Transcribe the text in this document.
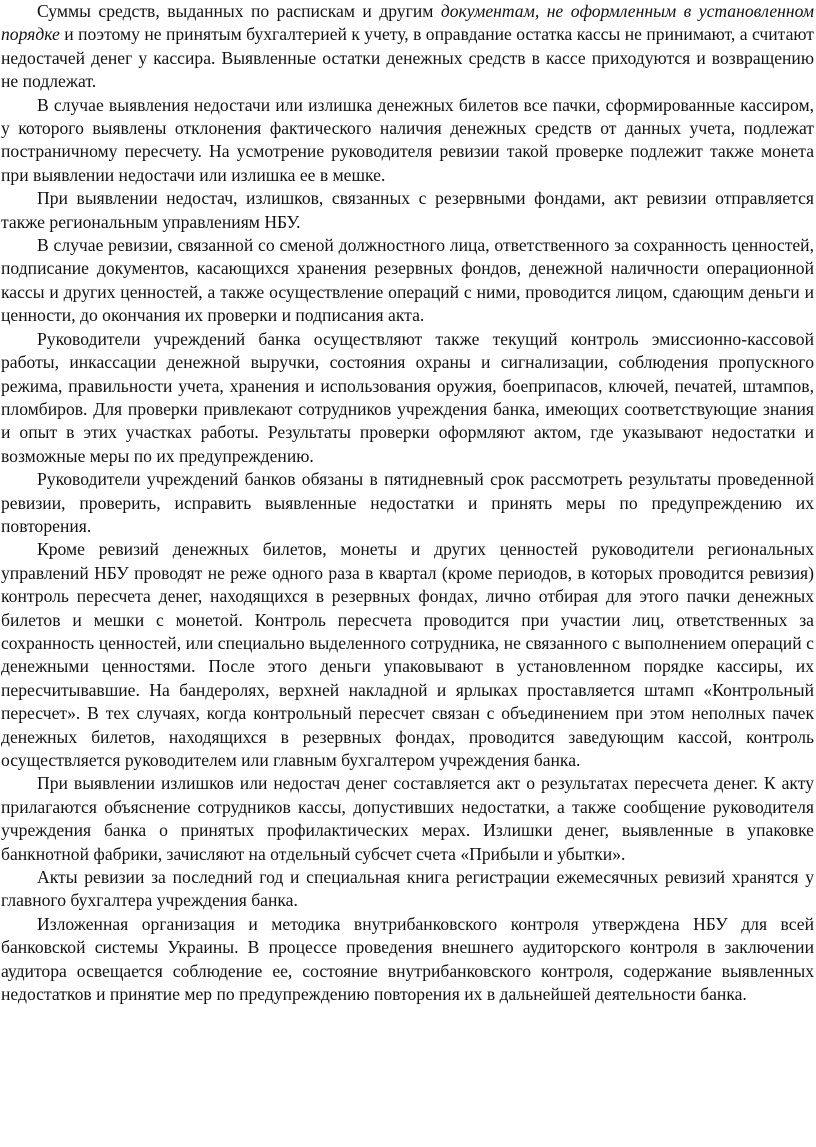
Суммы средств, выданных по распискам и другим документам, не оформленным в установленном порядке и поэтому не принятым бухгалтерией к учету, в оправдание остатка кассы не принимают, а считают недостачей денег у кассира. Выявленные остатки денежных средств в кассе приходуются и возвращению не подлежат.

В случае выявления недостачи или излишка денежных билетов все пачки, сформированные кассиром, у которого выявлены отклонения фактического наличия денежных средств от данных учета, подлежат постраничному пересчету. На усмотрение руководителя ревизии такой проверке подлежит также монета при выявлении недостачи или излишка ее в мешке.

При выявлении недостач, излишков, связанных с резервными фондами, акт ревизии отправляется также региональным управлениям НБУ.

В случае ревизии, связанной со сменой должностного лица, ответственного за сохранность ценностей, подписание документов, касающихся хранения резервных фондов, денежной наличности операционной кассы и других ценностей, а также осуществление операций с ними, проводится лицом, сдающим деньги и ценности, до окончания их проверки и подписания акта.

Руководители учреждений банка осуществляют также текущий контроль эмиссионно-кассовой работы, инкассации денежной выручки, состояния охраны и сигнализации, соблюдения пропускного режима, правильности учета, хранения и использования оружия, боеприпасов, ключей, печатей, штампов, пломбиров. Для проверки привлекают сотрудников учреждения банка, имеющих соответствующие знания и опыт в этих участках работы. Результаты проверки оформляют актом, где указывают недостатки и возможные меры по их предупреждению.

Руководители учреждений банков обязаны в пятидневный срок рассмотреть результаты проведенной ревизии, проверить, исправить выявленные недостатки и принять меры по предупреждению их повторения.

Кроме ревизий денежных билетов, монеты и других ценностей руководители региональных управлений НБУ проводят не реже одного раза в квартал (кроме периодов, в которых проводится ревизия) контроль пересчета денег, находящихся в резервных фондах, лично отбирая для этого пачки денежных билетов и мешки с монетой. Контроль пересчета проводится при участии лиц, ответственных за сохранность ценностей, или специально выделенного сотрудника, не связанного с выполнением операций с денежными ценностями. После этого деньги упаковывают в установленном порядке кассиры, их пересчитывавшие. На бандеролях, верхней накладной и ярлыках проставляется штамп «Контрольный пересчет». В тех случаях, когда контрольный пересчет связан с объединением при этом неполных пачек денежных билетов, находящихся в резервных фондах, проводится заведующим кассой, контроль осуществляется руководителем или главным бухгалтером учреждения банка.

При выявлении излишков или недостач денег составляется акт о результатах пересчета денег. К акту прилагаются объяснение сотрудников кассы, допустивших недостатки, а также сообщение руководителя учреждения банка о принятых профилактических мерах. Излишки денег, выявленные в упаковке банкнотной фабрики, зачисляют на отдельный субсчет счета «Прибыли и убытки».

Акты ревизии за последний год и специальная книга регистрации ежемесячных ревизий хранятся у главного бухгалтера учреждения банка.

Изложенная организация и методика внутрибанковского контроля утверждена НБУ для всей банковской системы Украины. В процессе проведения внешнего аудиторского контроля в заключении аудитора освещается соблюдение ее, состояние внутрибанковского контроля, содержание выявленных недостатков и принятие мер по предупреждению повторения их в дальнейшей деятельности банка.
